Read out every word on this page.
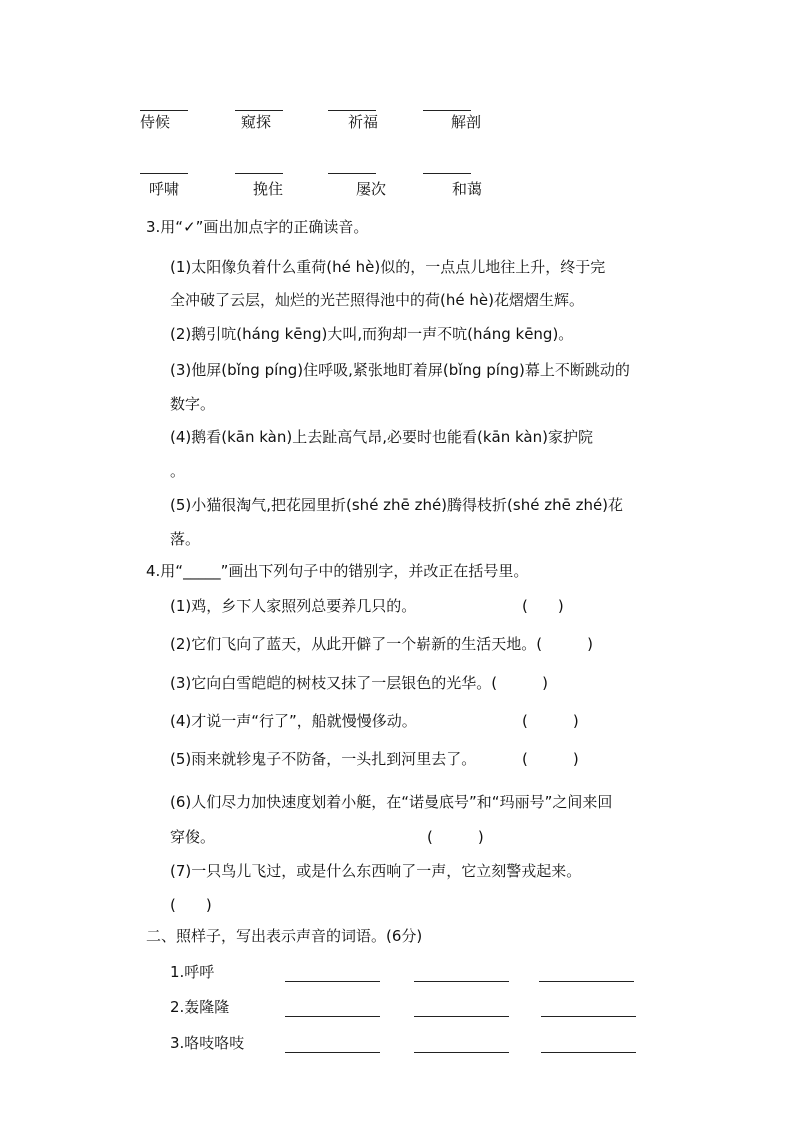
侍候	窥探	祈福	解剖
呼啸	挽住	屡次	和蔼
3.用“✓”画出加点字的正确读音。
(1)太阳像负着什么重荷(hé hè)似的，一点点儿地往上升，终于完
全冲破了云层，灿烂的光芒照得池中的荷(hé hè)花熠熠生辉。
(2)鹅引吭(háng kēng)大叫,而狗却一声不吭(háng kēng)。
(3)他屏(bǐng píng)住呼吸,紧张地盯着屏(bǐng píng)幕上不断跳动的
数字。
(4)鹅看(kān kàn)上去趾高气昂,必要时也能看(kān kàn)家护院
。
(5)小猫很淘气,把花园里折(shé zhē zhé)腾得枝折(shé zhē zhé)花
落。
4.用“_____”画出下列句子中的错别字，并改正在括号里。
(1)鸡，乡下人家照列总要养几只的。	(　　)
(2)它们飞向了蓝天，从此开僻了一个崭新的生活天地。(　　　)
(3)它向白雪皑皑的树枝又抹了一层银色的光华。(　　　)
(4)才说一声“行了”，船就慢慢侈动。	(　　　)
(5)雨来就轸鬼子不防备，一头扎到河里去了。	(　　　)
(6)人们尽力加快速度划着小艇，在“诺曼底号”和“玛丽号”之间来回
穿俊。	(　　　)
(7)一只鸟儿飞过，或是什么东西响了一声，它立刻警戎起来。
(　　)
二、照样子，写出表示声音的词语。(6分)
1.呼呼
2.轰隆隆
3.咯吱咯吱
